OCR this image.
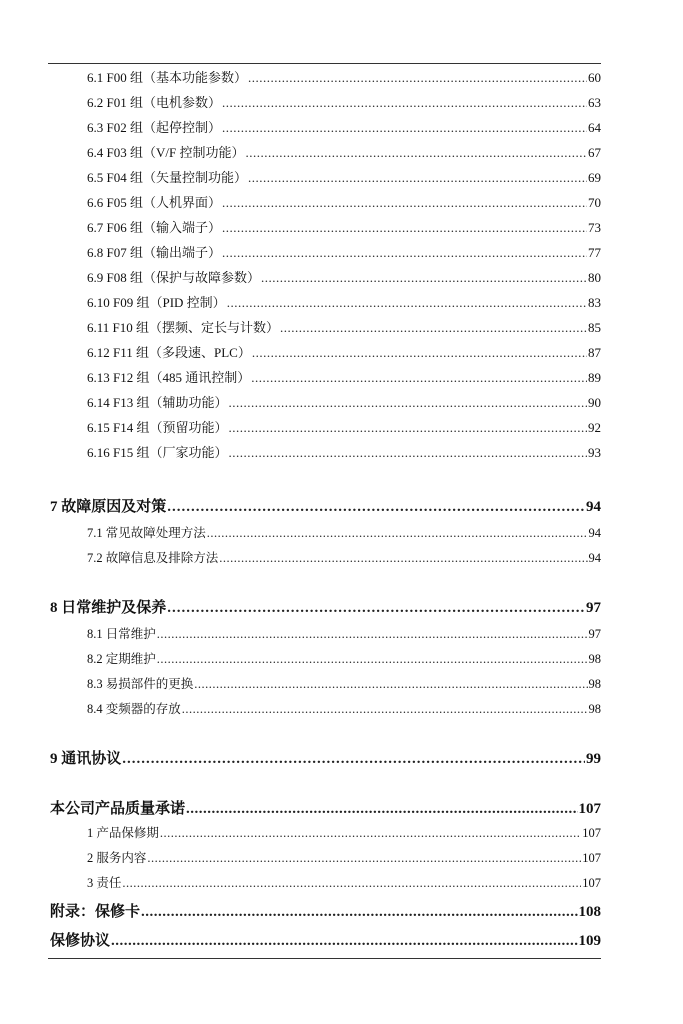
6.1 F00 组（基本功能参数） .....	60
6.2 F01 组（电机参数） .....	63
6.3 F02 组（起停控制） .....	64
6.4 F03 组（V/F 控制功能） .....	67
6.5 F04 组（矢量控制功能） .....	69
6.6 F05 组（人机界面） .....	70
6.7 F06 组（输入端子） .....	73
6.8 F07 组（输出端子） .....	77
6.9 F08 组（保护与故障参数） .....	80
6.10 F09 组（PID 控制） .....	83
6.11 F10 组（摆频、定长与计数） .....	85
6.12 F11 组（多段速、PLC） .....	87
6.13 F12 组（485 通讯控制） .....	89
6.14 F13 组（辅助功能） .....	90
6.15 F14 组（预留功能） .....	92
6.16 F15 组（厂家功能） .....	93
7 故障原因及对策 .....	94
7.1 常见故障处理方法 .....	94
7.2 故障信息及排除方法 .....	94
8 日常维护及保养 .....	97
8.1 日常维护 .....	97
8.2 定期维护 .....	98
8.3 易损部件的更换 .....	98
8.4 变频器的存放 .....	98
9 通讯协议 .....	99
本公司产品质量承诺 .....	107
1 产品保修期 .....	107
2 服务内容 .....	107
3 责任 .....	107
附录：保修卡 .....	108
保修协议 .....	109
